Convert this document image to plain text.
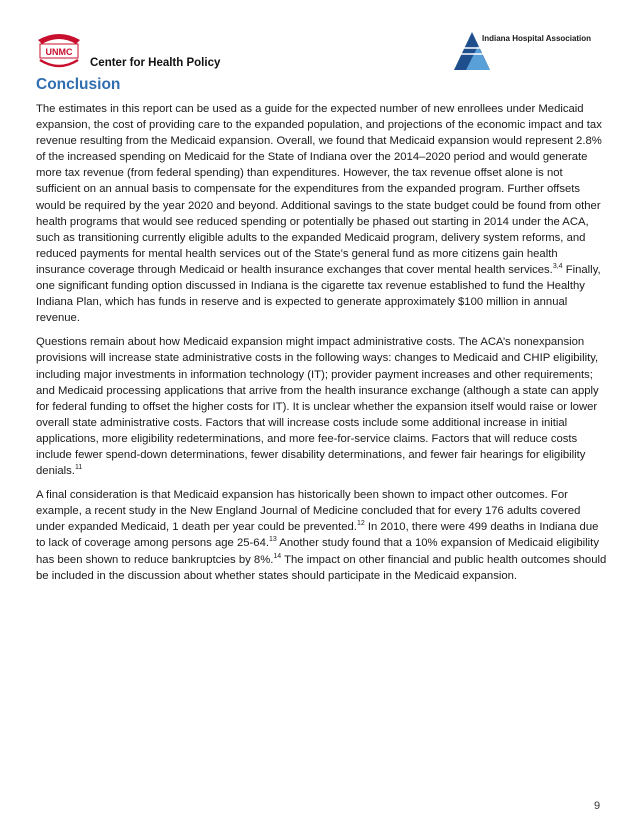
UNMC
Center for Health Policy
Indiana Hospital Association
Conclusion

The estimates in this report can be used as a guide for the expected number of new enrollees under Medicaid expansion, the cost of providing care to the expanded population, and projections of the economic impact and tax revenue resulting from the Medicaid expansion. Overall, we found that Medicaid expansion would represent 2.8% of the increased spending on Medicaid for the State of Indiana over the 2014–2020 period and would generate more tax revenue (from federal spending) than expenditures. However, the tax revenue offset alone is not sufficient on an annual basis to compensate for the expenditures from the expanded program. Further offsets would be required by the year 2020 and beyond. Additional savings to the state budget could be found from other health programs that would see reduced spending or potentially be phased out starting in 2014 under the ACA, such as transitioning currently eligible adults to the expanded Medicaid program, delivery system reforms, and reduced payments for mental health services out of the State’s general fund as more citizens gain health insurance coverage through Medicaid or health insurance exchanges that cover mental health services.$^{3,4}$ Finally, one significant funding option discussed in Indiana is the cigarette tax revenue established to fund the Healthy Indiana Plan, which has funds in reserve and is expected to generate approximately $100 million in annual revenue.

Questions remain about how Medicaid expansion might impact administrative costs. The ACA’s nonexpansion provisions will increase state administrative costs in the following ways: changes to Medicaid and CHIP eligibility, including major investments in information technology (IT); provider payment increases and other requirements; and Medicaid processing applications that arrive from the health insurance exchange (although a state can apply for federal funding to offset the higher costs for IT). It is unclear whether the expansion itself would raise or lower overall state administrative costs. Factors that will increase costs include some additional increase in initial applications, more eligibility redeterminations, and more fee-for-service claims. Factors that will reduce costs include fewer spend-down determinations, fewer disability determinations, and fewer fair hearings for eligibility denials.$^{11}$

A final consideration is that Medicaid expansion has historically been shown to impact other outcomes. For example, a recent study in the New England Journal of Medicine concluded that for every 176 adults covered under expanded Medicaid, 1 death per year could be prevented.$^{12}$ In 2010, there were 499 deaths in Indiana due to lack of coverage among persons age 25-64.13 Another study found that a 10% expansion of Medicaid eligibility has been shown to reduce bankruptcies by 8%.$^{14}$ The impact on other financial and public health outcomes should be included in the discussion about whether states should participate in the Medicaid expansion.

9
